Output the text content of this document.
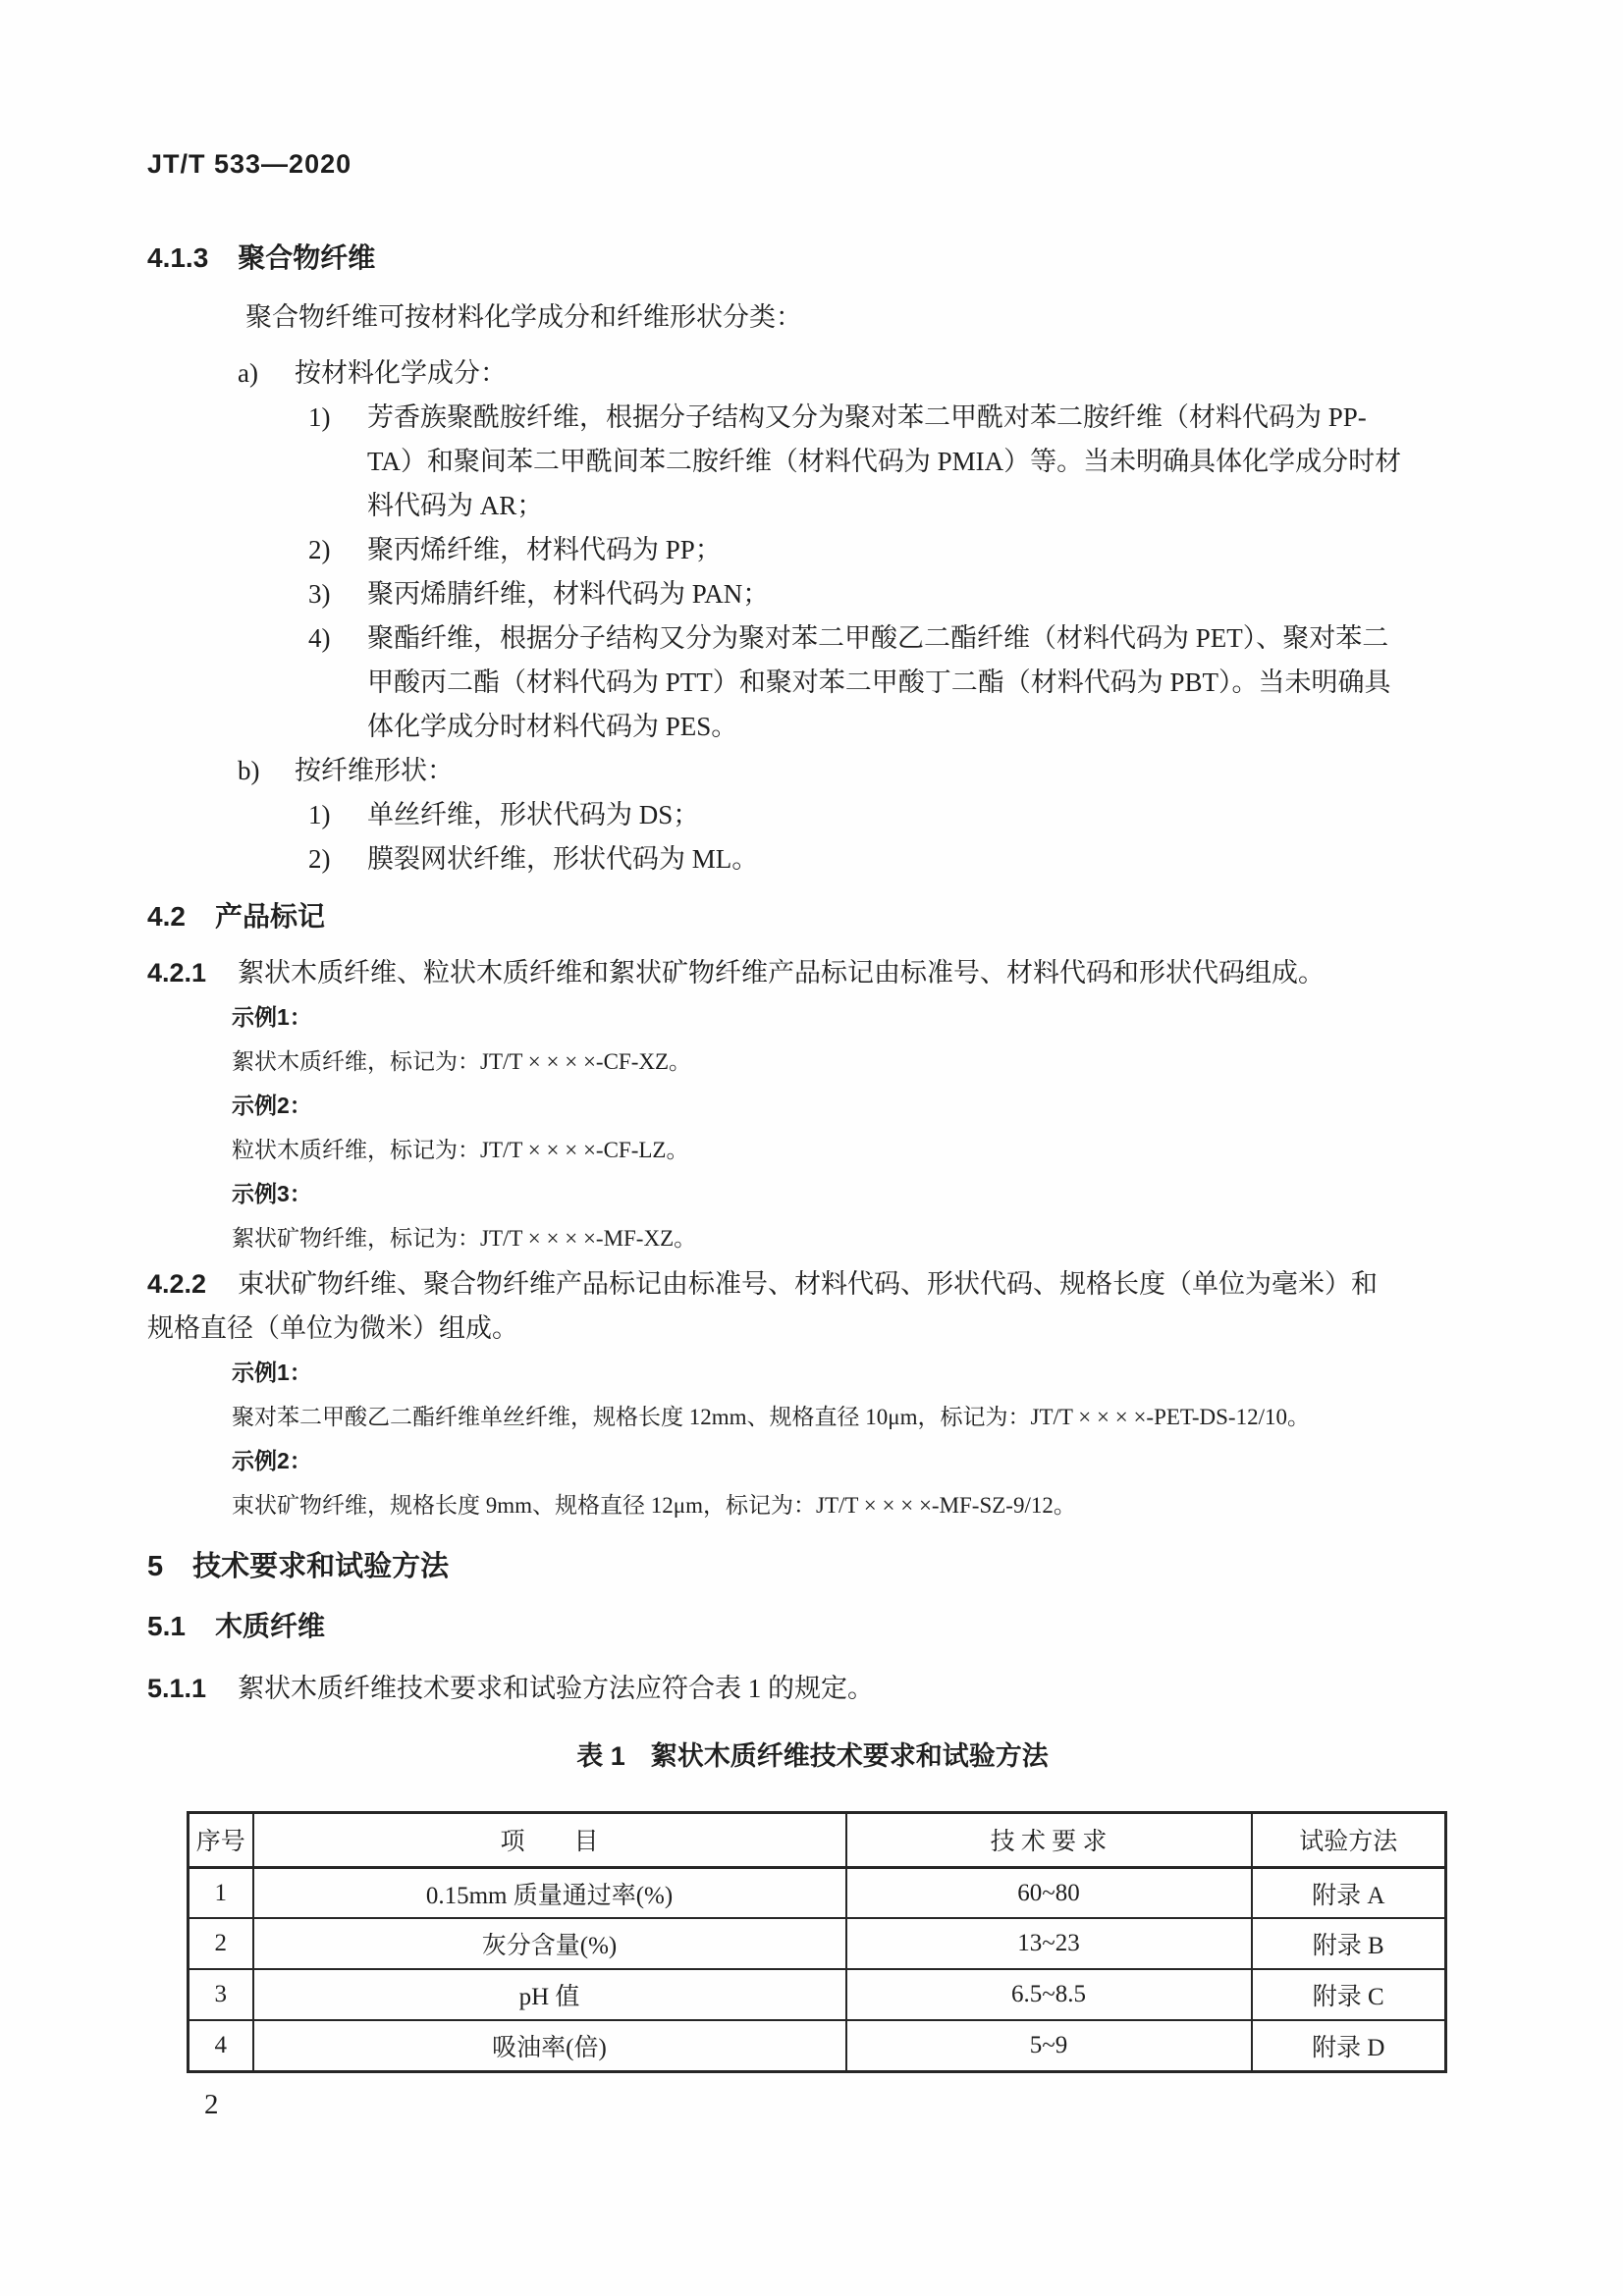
JT/T 533—2020
4.1.3 聚合物纤维
聚合物纤维可按材料化学成分和纤维形状分类：
a)	按材料化学成分：
1)	芳香族聚酰胺纤维，根据分子结构又分为聚对苯二甲酰对苯二胺纤维（材料代码为 PP-
TA）和聚间苯二甲酰间苯二胺纤维（材料代码为 PMIA）等。当未明确具体化学成分时材
料代码为 AR；
2)	聚丙烯纤维，材料代码为 PP；
3)	聚丙烯腈纤维，材料代码为 PAN；
4)	聚酯纤维，根据分子结构又分为聚对苯二甲酸乙二酯纤维（材料代码为 PET）、聚对苯二
甲酸丙二酯（材料代码为 PTT）和聚对苯二甲酸丁二酯（材料代码为 PBT）。当未明确具
体化学成分时材料代码为 PES。
b)	按纤维形状：
1)	单丝纤维，形状代码为 DS；
2)	膜裂网状纤维，形状代码为 ML。
4.2 产品标记
4.2.1 絮状木质纤维、粒状木质纤维和絮状矿物纤维产品标记由标准号、材料代码和形状代码组成。
示例1：
絮状木质纤维，标记为：JT/T × × × ×-CF-XZ。
示例2：
粒状木质纤维，标记为：JT/T × × × ×-CF-LZ。
示例3：
絮状矿物纤维，标记为：JT/T × × × ×-MF-XZ。
4.2.2 束状矿物纤维、聚合物纤维产品标记由标准号、材料代码、形状代码、规格长度（单位为毫米）和
规格直径（单位为微米）组成。
示例1：
聚对苯二甲酸乙二酯纤维单丝纤维，规格长度 12mm、规格直径 10μm，标记为：JT/T × × × ×-PET-DS-12/10。
示例2：
束状矿物纤维，规格长度 9mm、规格直径 12μm，标记为：JT/T × × × ×-MF-SZ-9/12。
5 技术要求和试验方法
5.1 木质纤维
5.1.1 絮状木质纤维技术要求和试验方法应符合表 1 的规定。
表 1 絮状木质纤维技术要求和试验方法
序号	项　　目	技 术 要 求	试验方法
1	0.15mm 质量通过率(%)	60~80	附录 A
2	灰分含量(%)	13~23	附录 B
3	pH 值	6.5~8.5	附录 C
4	吸油率(倍)	5~9	附录 D
2
